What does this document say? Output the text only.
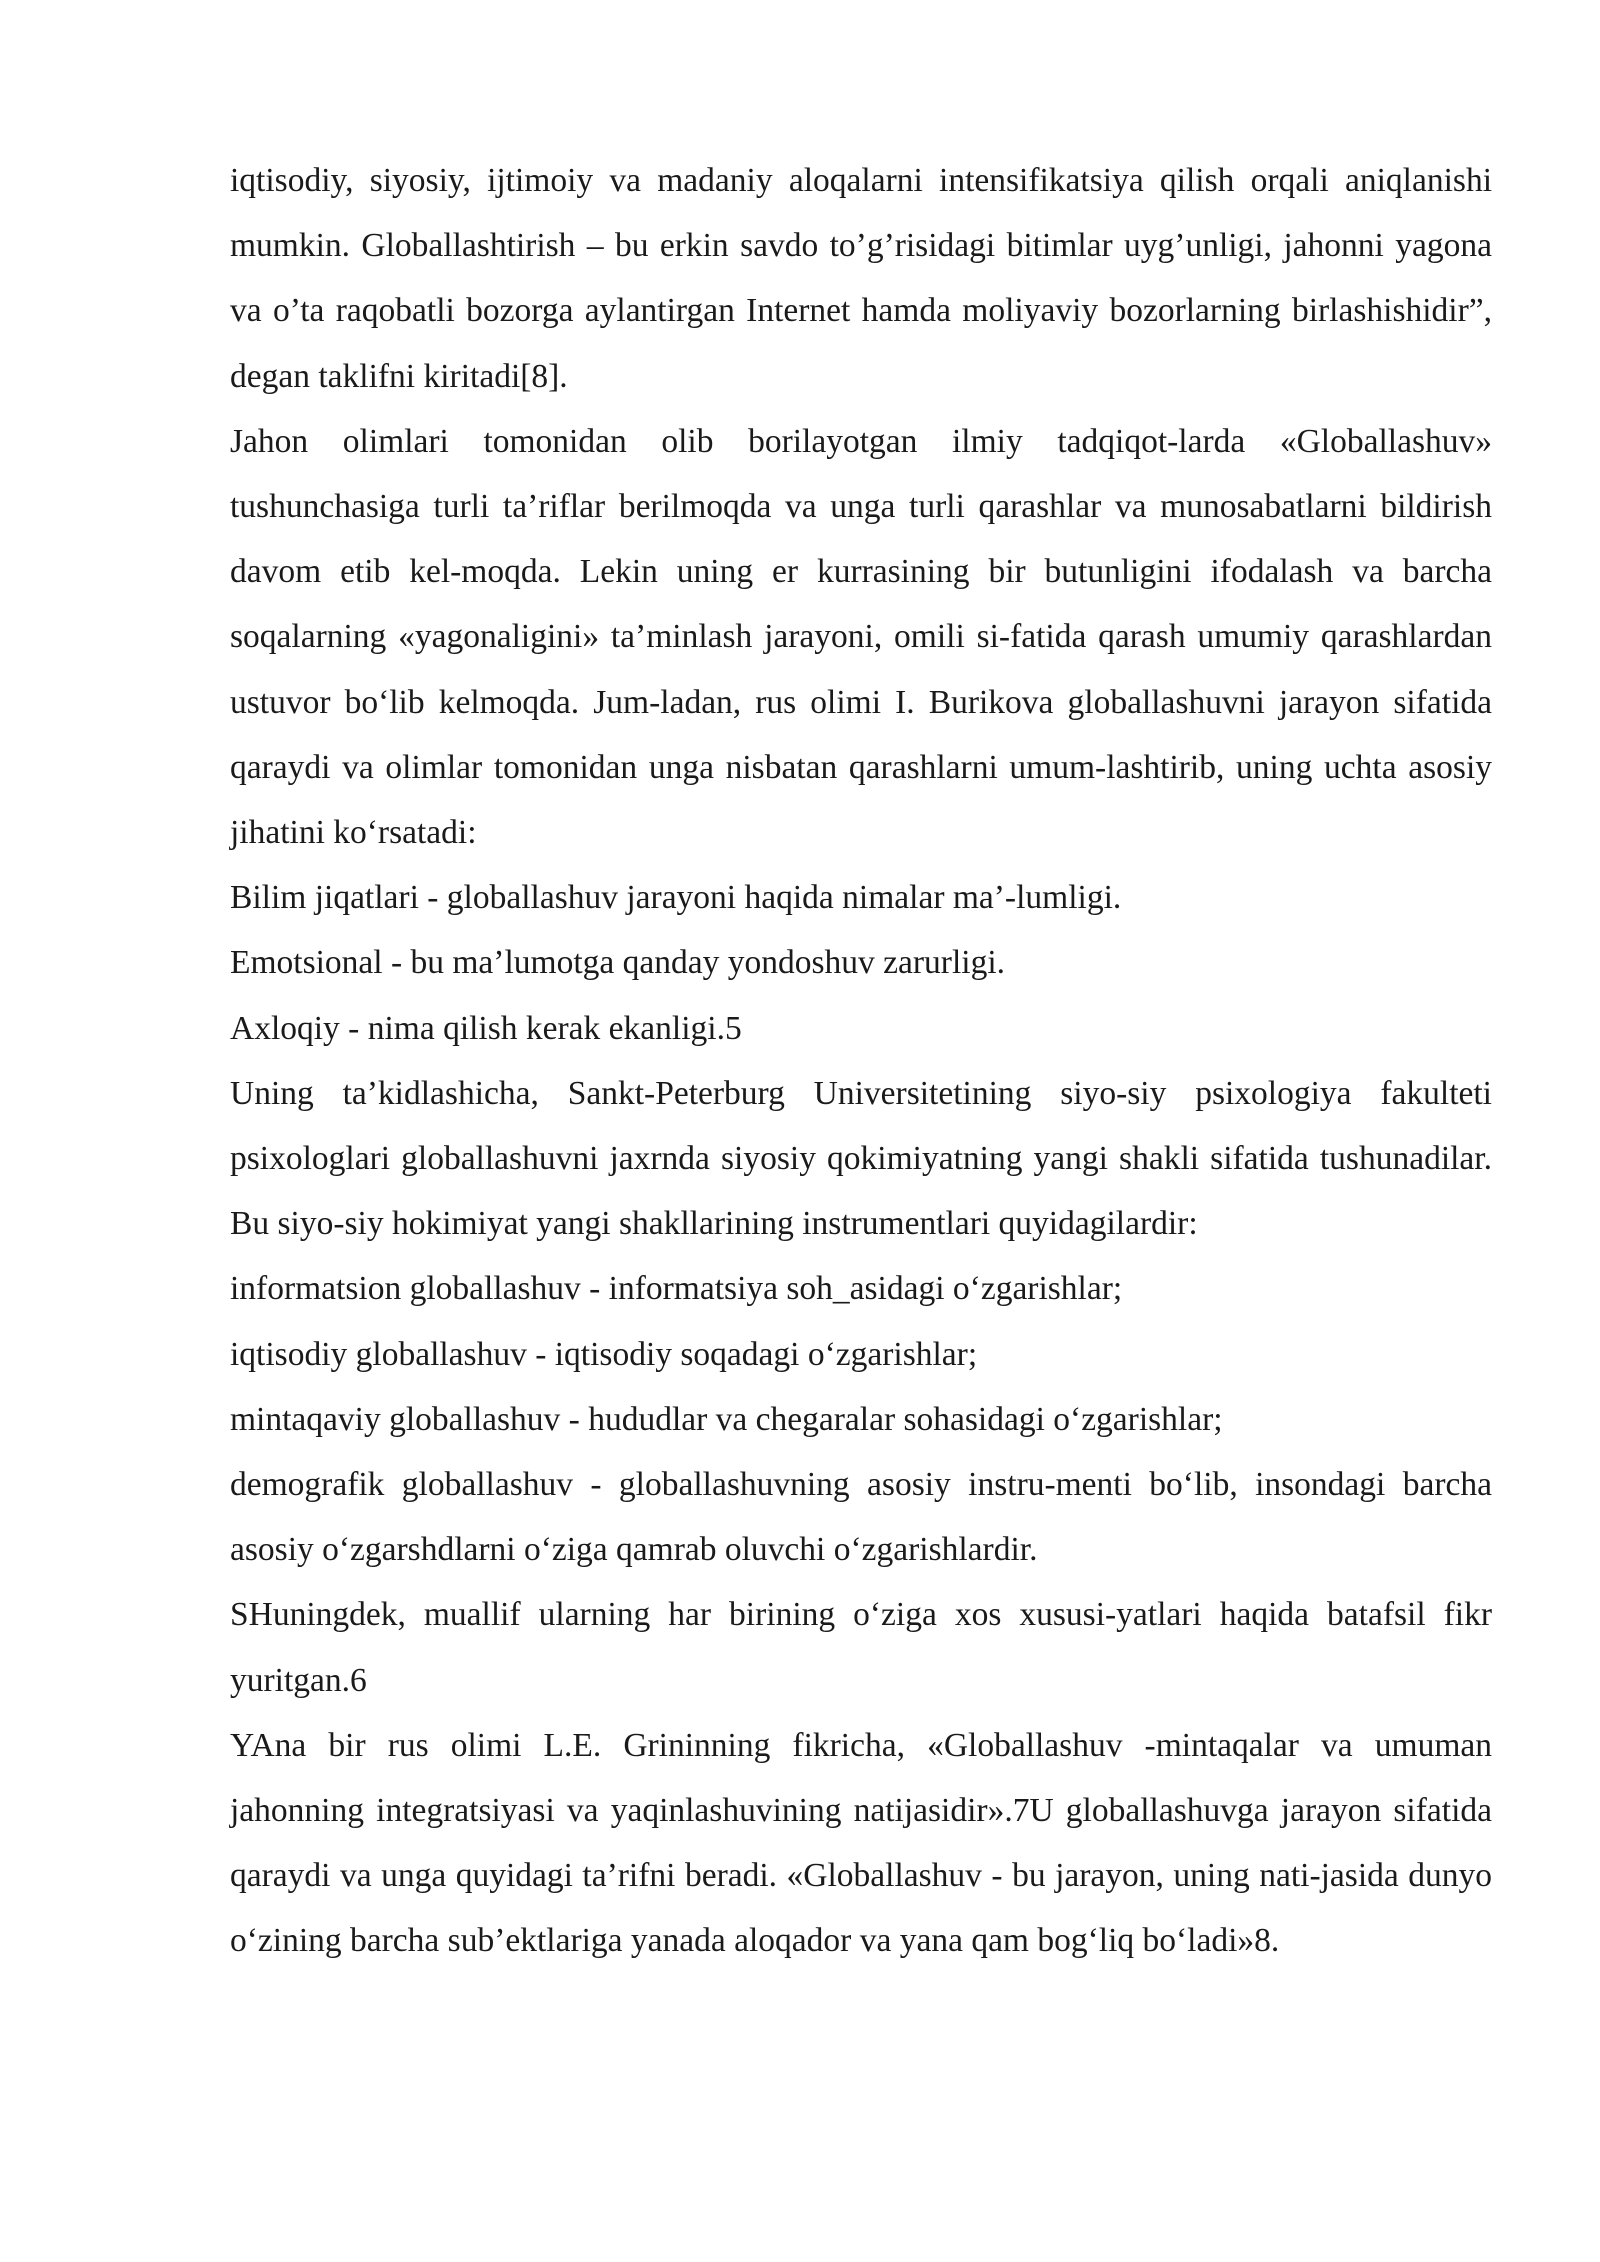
iqtisodiy, siyosiy, ijtimoiy va madaniy aloqalarni intensifikatsiya qilish orqali aniqlanishi mumkin. Globallashtirish – bu erkin savdo to’g’risidagi bitimlar uyg’unligi, jahonni yagona va o’ta raqobatli bozorga aylantirgan Internet hamda moliyaviy bozorlarning birlashishidir”, degan taklifni kiritadi[8].

Jahon olimlari tomonidan olib borilayotgan ilmiy tadqiqot-larda «Globallashuv» tushunchasiga turli ta’riflar berilmoqda va unga turli qarashlar va munosabatlarni bildirish davom etib kel-moqda. Lekin uning er kurrasining bir butunligini ifodalash va barcha soqalarning «yagonaligini» ta’minlash jarayoni, omili si-fatida qarash umumiy qarashlardan ustuvor bo‘lib kelmoqda. Jum-ladan, rus olimi I. Burikova globallashuvni jarayon sifatida qaraydi va olimlar tomonidan unga nisbatan qarashlarni umum-lashtirib, uning uchta asosiy jihatini ko‘rsatadi:

Bilim jiqatlari - globallashuv jarayoni haqida nimalar ma’-lumligi.

Emotsional - bu ma’lumotga qanday yondoshuv zarurligi.

Axloqiy - nima qilish kerak ekanligi.5

Uning ta’kidlashicha, Sankt-Peterburg Universitetining siyo-siy psixologiya fakulteti psixologlari globallashuvni jaxrnda siyosiy qokimiyatning yangi shakli sifatida tushunadilar. Bu siyo-siy hokimiyat yangi shakllarining instrumentlari quyidagilardir:

informatsion globallashuv - informatsiya soh_asidagi o‘zgarishlar;

iqtisodiy globallashuv - iqtisodiy soqadagi o‘zgarishlar;

mintaqaviy globallashuv - hududlar va chegaralar sohasidagi o‘zgarishlar;

demografik globallashuv - globallashuvning asosiy instru-menti bo‘lib, insondagi barcha asosiy o‘zgarshdlarni o‘ziga qamrab oluvchi o‘zgarishlardir.

SHuningdek, muallif ularning har birining o‘ziga xos xususi-yatlari haqida batafsil fikr yuritgan.6

YAna bir rus olimi L.E. Grininning fikricha, «Globallashuv -mintaqalar va umuman jahonning integratsiyasi va yaqinlashuvining natijasidir».7U globallashuvga jarayon sifatida qaraydi va unga quyidagi ta’rifni beradi. «Globallashuv - bu jarayon, uning nati-jasida dunyo o‘zining barcha sub’ektlariga yanada aloqador va yana qam bog‘liq bo‘ladi»8.
